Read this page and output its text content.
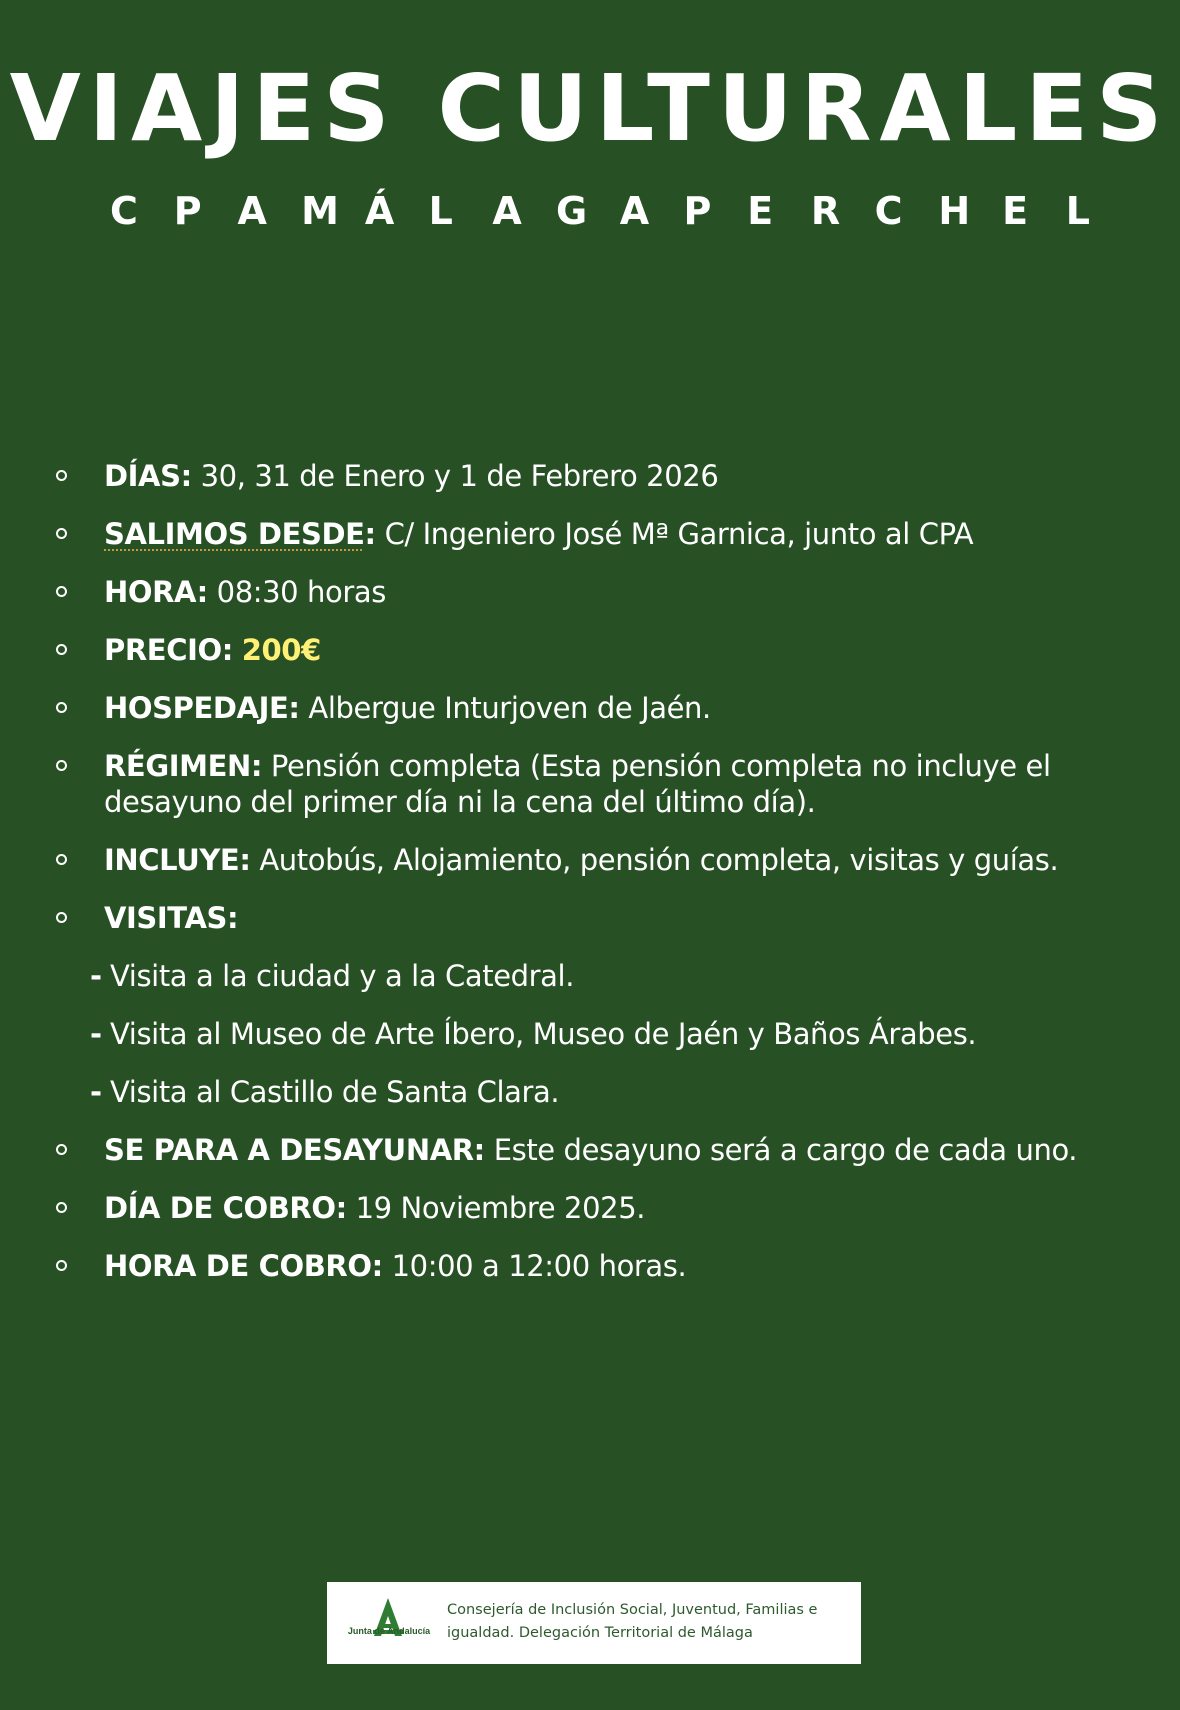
VIAJES CULTURALES
C P A M Á L A G A P E R C H E L
DÍAS: 30, 31 de Enero y 1 de Febrero 2026
SALIMOS DESDE: C/ Ingeniero José Mª Garnica, junto al CPA
HORA: 08:30 horas
PRECIO: 200€
HOSPEDAJE: Albergue Inturjoven de Jaén.
RÉGIMEN: Pensión completa (Esta pensión completa no incluye el desayuno del primer día ni la cena del último día).
INCLUYE: Autobús, Alojamiento, pensión completa, visitas y guías.
VISITAS:
- Visita a la ciudad y a la Catedral.
- Visita al Museo de Arte Íbero, Museo de Jaén y Baños Árabes.
- Visita al Castillo de Santa Clara.
SE PARA A DESAYUNAR: Este desayuno será a cargo de cada uno.
DÍA DE COBRO: 19 Noviembre 2025.
HORA DE COBRO: 10:00 a 12:00 horas.
Junta de Andalucía
Consejería de Inclusión Social, Juventud, Familias e
igualdad. Delegación Territorial de Málaga
